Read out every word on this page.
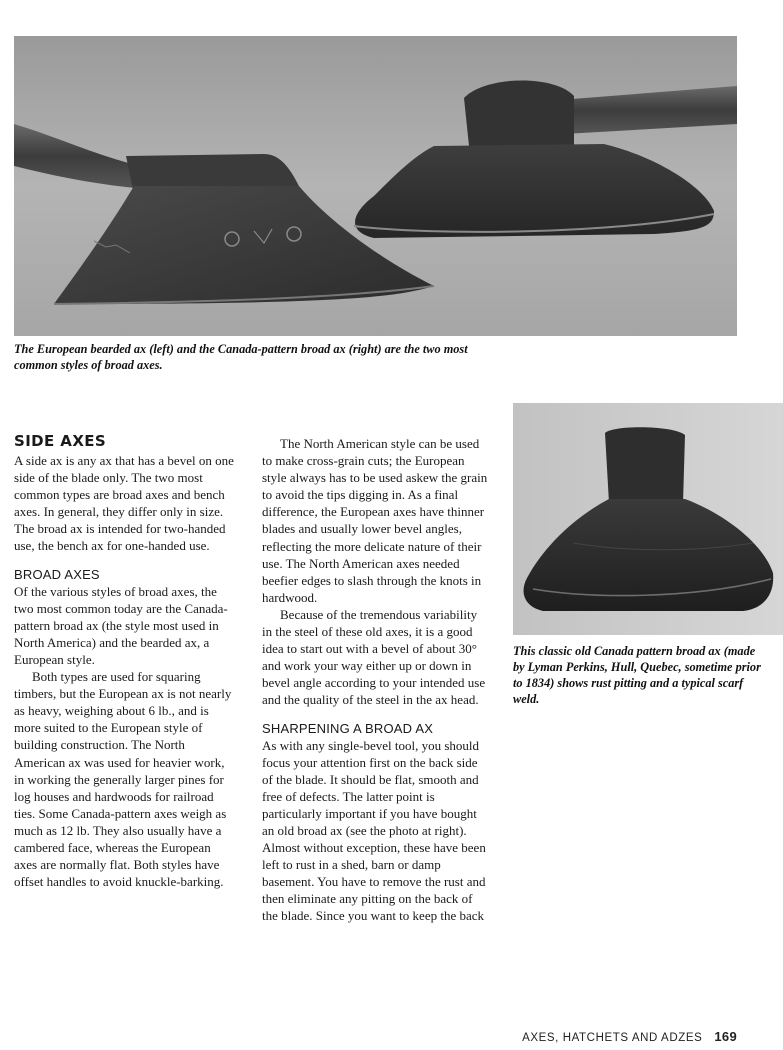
The European bearded ax (left) and the Canada-pattern broad ax (right) are the two most common styles of broad axes.
This classic old Canada pattern broad ax (made by Lyman Perkins, Hull, Quebec, sometime prior to 1834) shows rust pitting and a typical scarf weld.
SIDE AXES

A side ax is any ax that has a bevel on one side of the blade only. The two most common types are broad axes and bench axes. In general, they differ only in size. The broad ax is intended for two-handed use, the bench ax for one-handed use.

BROAD AXES

Of the various styles of broad axes, the two most common today are the Canada-pattern broad ax (the style most used in North America) and the bearded ax, a European style.

Both types are used for squaring timbers, but the European ax is not nearly as heavy, weighing about 6 lb., and is more suited to the European style of building construction. The North American ax was used for heavier work, in working the generally larger pines for log houses and hardwoods for railroad ties. Some Canada-pattern axes weigh as much as 12 lb. They also usually have a cambered face, whereas the European axes are normally flat. Both styles have offset handles to avoid knuckle-barking.

The North American style can be used to make cross-grain cuts; the European style always has to be used askew the grain to avoid the tips digging in. As a final difference, the European axes have thinner blades and usually lower bevel angles, reflecting the more delicate nature of their use. The North American axes needed beefier edges to slash through the knots in hardwood.

Because of the tremendous variability in the steel of these old axes, it is a good idea to start out with a bevel of about 30° and work your way either up or down in bevel angle according to your intended use and the quality of the steel in the ax head.

SHARPENING A BROAD AX

As with any single-bevel tool, you should focus your attention first on the back side of the blade. It should be flat, smooth and free of defects. The latter point is particularly important if you have bought an old broad ax (see the photo at right). Almost without exception, these have been left to rust in a shed, barn or damp basement. You have to remove the rust and then eliminate any pitting on the back of the blade. Since you want to keep the back

AXES, HATCHETS AND ADZES 169
